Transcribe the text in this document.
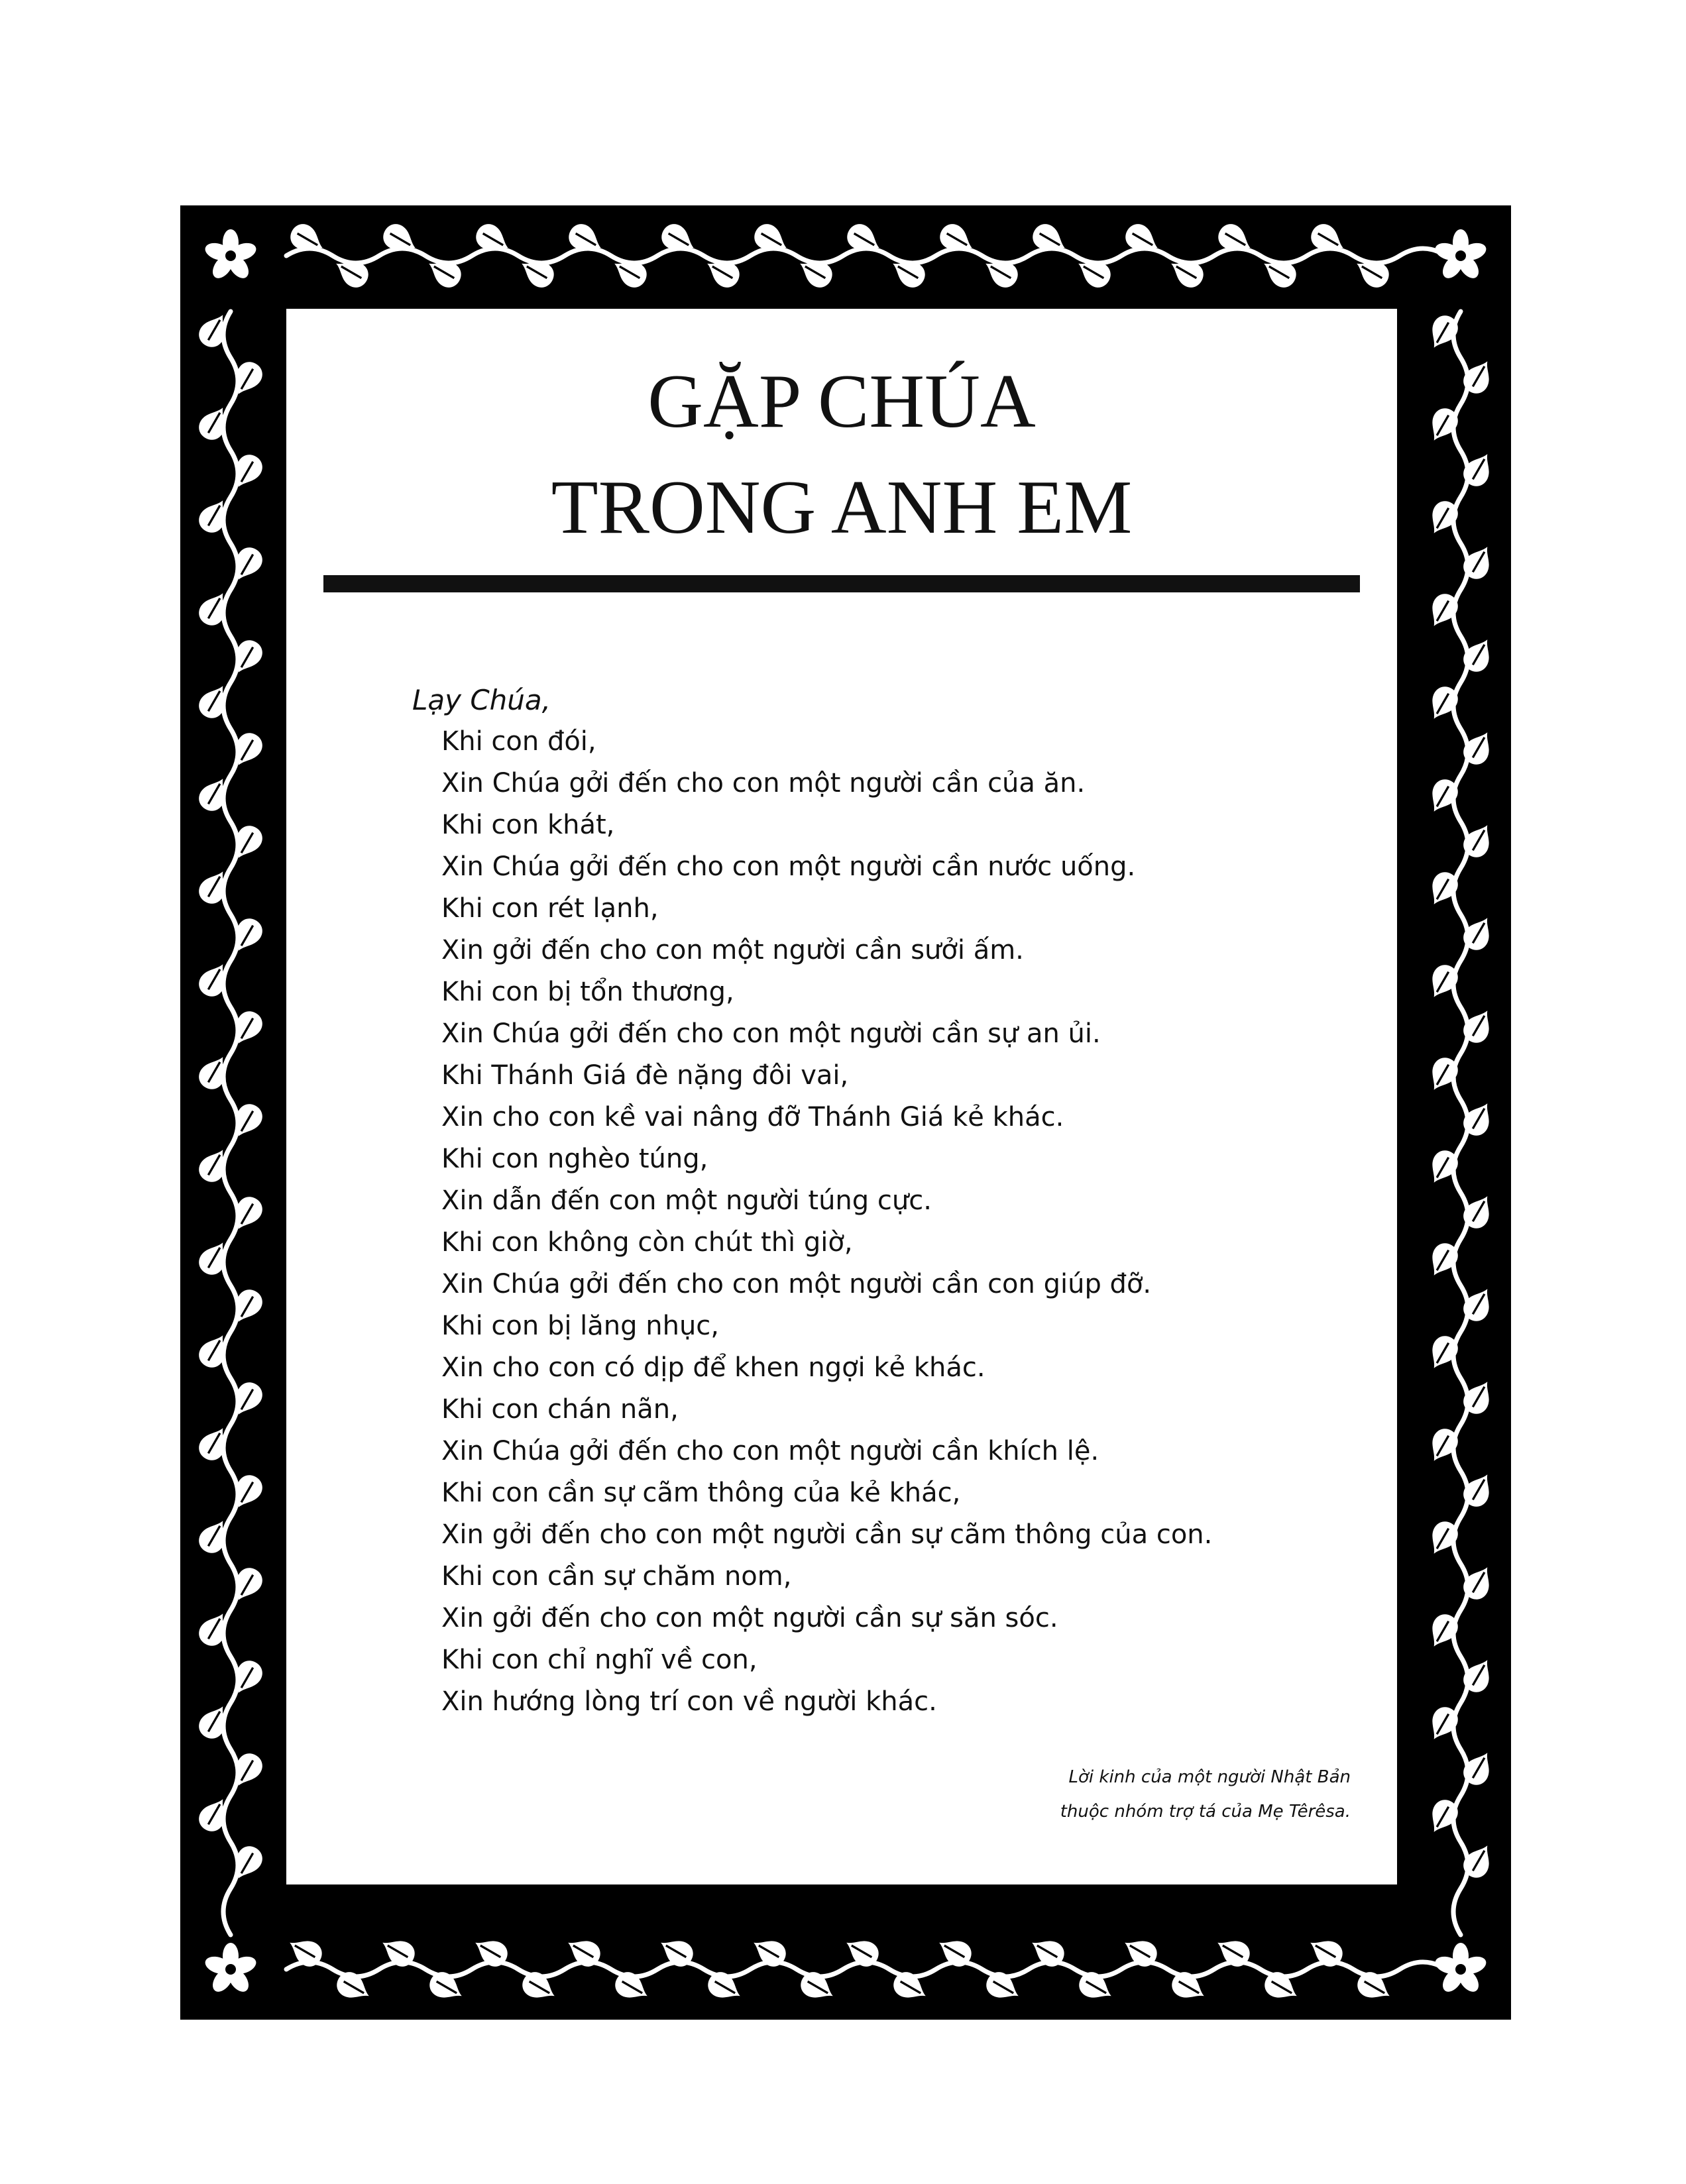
GẶP CHÚA
TRONG ANH EM
Lạy Chúa,
Khi con đói,
Xin Chúa gởi đến cho con một người cần của ăn.
Khi con khát,
Xin Chúa gởi đến cho con một người cần nước uống.
Khi con rét lạnh,
Xin gởi đến cho con một người cần sưởi ấm.
Khi con bị tổn thương,
Xin Chúa gởi đến cho con một người cần sự an ủi.
Khi Thánh Giá đè nặng đôi vai,
Xin cho con kề vai nâng đỡ Thánh Giá kẻ khác.
Khi con nghèo túng,
Xin dẫn đến con một người túng cực.
Khi con không còn chút thì giờ,
Xin Chúa gởi đến cho con một người cần con giúp đỡ.
Khi con bị lăng nhục,
Xin cho con có dịp để khen ngợi kẻ khác.
Khi con chán nãn,
Xin Chúa gởi đến cho con một người cần khích lệ.
Khi con cần sự cãm thông của kẻ khác,
Xin gởi đến cho con một người cần sự cãm thông của con.
Khi con cần sự chăm nom,
Xin gởi đến cho con một người cần sự săn sóc.
Khi con chỉ nghĩ về con,
Xin hướng lòng trí con về người khác.
Lời kinh của một người Nhật Bản
thuộc nhóm trợ tá của Mẹ Têrêsa.
